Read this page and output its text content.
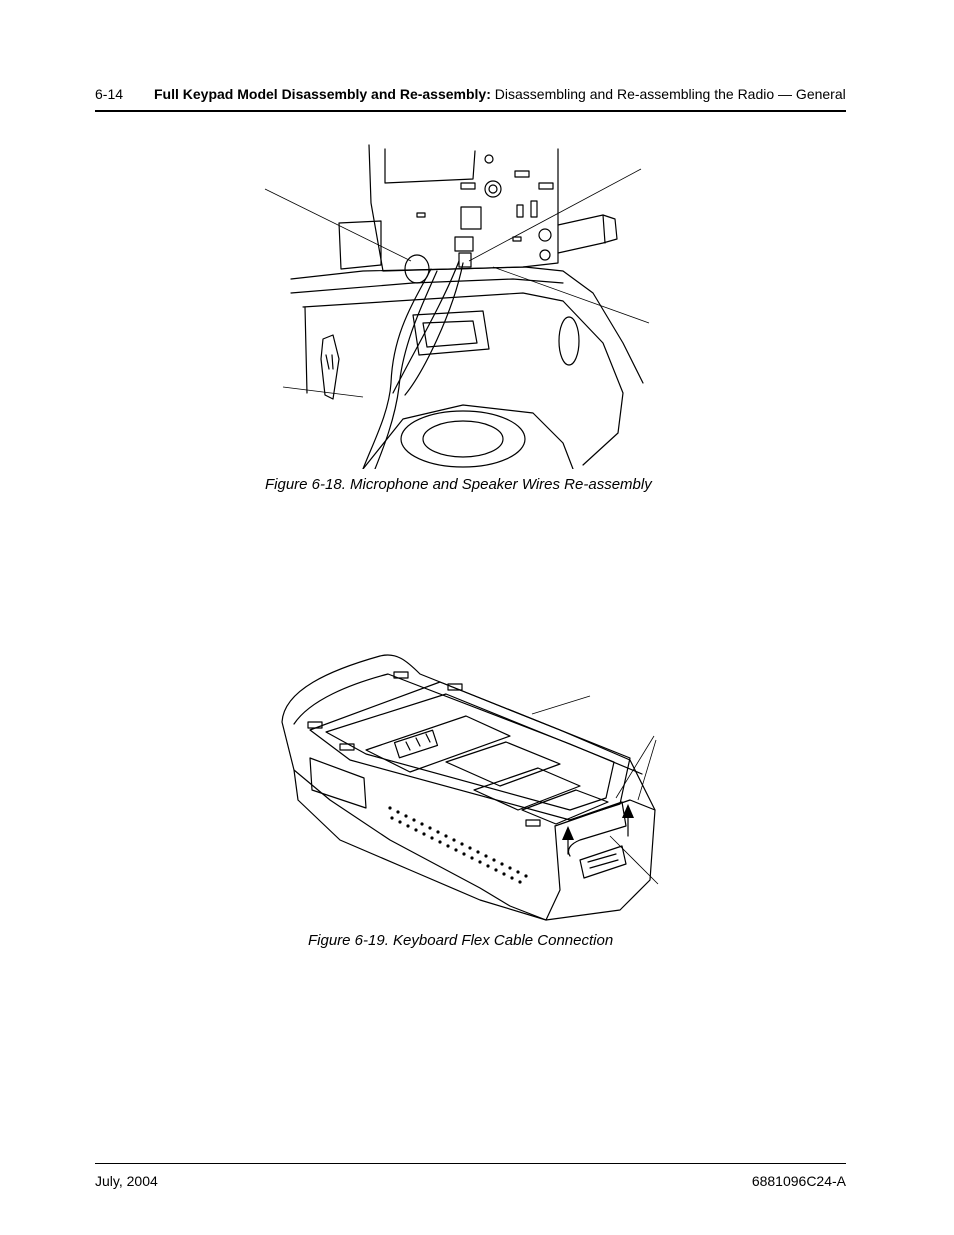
6-14 Full Keypad Model Disassembly and Re-assembly: Disassembling and Re-assembling the Radio — General
Figure 6-18. Microphone and Speaker Wires Re-assembly
Figure 6-19. Keyboard Flex Cable Connection
July, 2004	6881096C24-A
